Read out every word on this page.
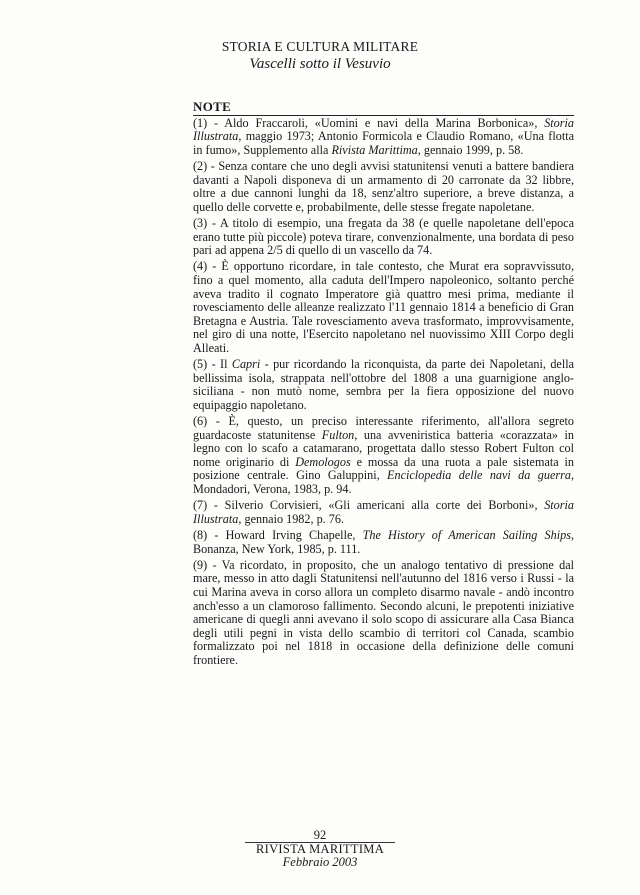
STORIA E CULTURA MILITARE
Vascelli sotto il Vesuvio
NOTE
(1) - Aldo Fraccaroli, «Uomini e navi della Marina Borbonica», Storia Illustrata, maggio 1973; Antonio Formicola e Claudio Romano, «Una flotta in fumo», Supplemento alla Rivista Marittima, gennaio 1999, p. 58.
(2) - Senza contare che uno degli avvisi statunitensi venuti a battere bandiera davanti a Napoli disponeva di un armamento di 20 carronate da 32 libbre, oltre a due cannoni lunghi da 18, senz'altro superiore, a breve distanza, a quello delle corvette e, probabilmente, delle stesse fregate napoletane.
(3) - A titolo di esempio, una fregata da 38 (e quelle napoletane dell'epoca erano tutte più piccole) poteva tirare, convenzionalmente, una bordata di peso pari ad appena 2/5 di quello di un vascello da 74.
(4) - È opportuno ricordare, in tale contesto, che Murat era sopravvissuto, fino a quel momento, alla caduta dell'Impero napoleonico, soltanto perché aveva tradito il cognato Imperatore già quattro mesi prima, mediante il rovesciamento delle alleanze realizzato l'11 gennaio 1814 a beneficio di Gran Bretagna e Austria. Tale rovesciamento aveva trasformato, improvvisamente, nel giro di una notte, l'Esercito napoletano nel nuovissimo XIII Corpo degli Alleati.
(5) - Il Capri - pur ricordando la riconquista, da parte dei Napoletani, della bellissima isola, strappata nell'ottobre del 1808 a una guarnigione anglo-siciliana - non mutò nome, sembra per la fiera opposizione del nuovo equipaggio napoletano.
(6) - È, questo, un preciso interessante riferimento, all'allora segreto guardacoste statunitense Fulton, una avveniristica batteria «corazzata» in legno con lo scafo a catamarano, progettata dallo stesso Robert Fulton col nome originario di Demologos e mossa da una ruota a pale sistemata in posizione centrale. Gino Galuppini, Enciclopedia delle navi da guerra, Mondadori, Verona, 1983, p. 94.
(7) - Silverio Corvisieri, «Gli americani alla corte dei Borboni», Storia Illustrata, gennaio 1982, p. 76.
(8) - Howard Irving Chapelle, The History of American Sailing Ships, Bonanza, New York, 1985, p. 111.
(9) - Va ricordato, in proposito, che un analogo tentativo di pressione dal mare, messo in atto dagli Statunitensi nell'autunno del 1816 verso i Russi - la cui Marina aveva in corso allora un completo disarmo navale - andò incontro anch'esso a un clamoroso fallimento. Secondo alcuni, le prepotenti iniziative americane di quegli anni avevano il solo scopo di assicurare alla Casa Bianca degli utili pegni in vista dello scambio di territori col Canada, scambio formalizzato poi nel 1818 in occasione della definizione delle comuni frontiere.
92
RIVISTA MARITTIMA
Febbraio 2003
